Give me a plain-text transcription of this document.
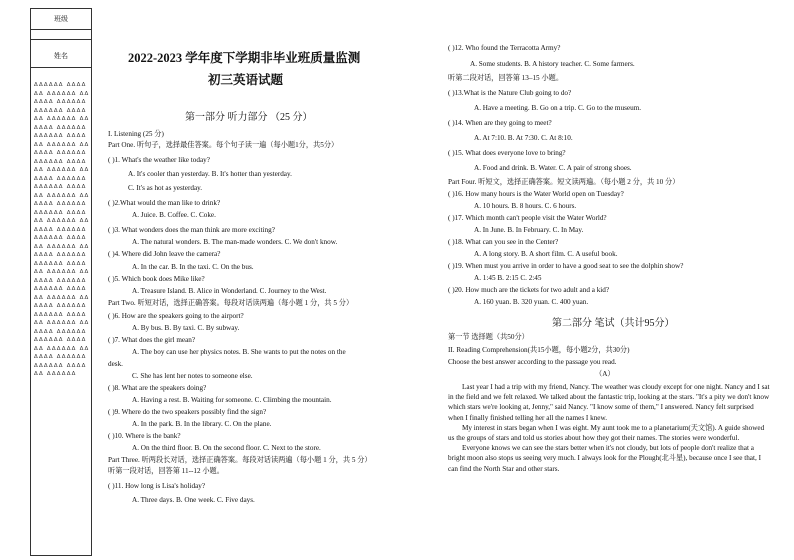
班级
姓名
ΔΔΔΔΔΔ ΔΔΔΔΔΔ ΔΔΔΔΔΔ ΔΔΔΔΔΔ ΔΔΔΔΔΔ ΔΔΔΔΔΔ ΔΔΔΔΔΔ ΔΔΔΔΔΔ ΔΔΔΔΔΔ ΔΔΔΔΔΔ ΔΔΔΔΔΔ ΔΔΔΔΔΔ ΔΔΔΔΔΔ ΔΔΔΔΔΔ ΔΔΔΔΔΔ ΔΔΔΔΔΔ ΔΔΔΔΔΔ ΔΔΔΔΔΔ ΔΔΔΔΔΔ ΔΔΔΔΔΔ ΔΔΔΔΔΔ ΔΔΔΔΔΔ ΔΔΔΔΔΔ ΔΔΔΔΔΔ ΔΔΔΔΔΔ ΔΔΔΔΔΔ ΔΔΔΔΔΔ ΔΔΔΔΔΔ ΔΔΔΔΔΔ ΔΔΔΔΔΔ ΔΔΔΔΔΔ ΔΔΔΔΔΔ ΔΔΔΔΔΔ ΔΔΔΔΔΔ ΔΔΔΔΔΔ ΔΔΔΔΔΔ ΔΔΔΔΔΔ ΔΔΔΔΔΔ ΔΔΔΔΔΔ ΔΔΔΔΔΔ ΔΔΔΔΔΔ ΔΔΔΔΔΔ ΔΔΔΔΔΔ ΔΔΔΔΔΔ ΔΔΔΔΔΔ ΔΔΔΔΔΔ ΔΔΔΔΔΔ ΔΔΔΔΔΔ ΔΔΔΔΔΔ ΔΔΔΔΔΔ ΔΔΔΔΔΔ ΔΔΔΔΔΔ ΔΔΔΔΔΔ ΔΔΔΔΔΔ ΔΔΔΔΔΔ ΔΔΔΔΔΔ ΔΔΔΔΔΔ ΔΔΔΔΔΔ
2022-2023 学年度下学期非毕业班质量监测
初三英语试题
第一部分 听力部分 （25 分）
I. Listening (25 分)
Part One. 听句子，选择最佳答案。每个句子读一遍（每小题1分，共5分）
( )1. What's the weather like today?
A. It's cooler than yesterday. B. It's hotter than yesterday.
C. It's as hot as yesterday.
( )2.What would the man like to drink?
A. Juice. B. Coffee. C. Coke.
( )3. What wonders does the man think are more exciting?
A. The natural wonders. B. The man-made wonders. C. We don't know.
( )4. Where did John leave the camera?
A. In the car. B. In the taxi. C. On the bus.
( )5. Which book does Mike like?
A. Treasure Island. B. Alice in Wonderland. C. Journey to the West.
Part Two. 听短对话，选择正确答案。每段对话读两遍（每小题 1 分，共 5 分）
( )6. How are the speakers going to the airport?
A. By bus. B. By taxi. C. By subway.
( )7. What does the girl mean?
A. The boy can use her physics notes. B. She wants to put the notes on the
desk.
C. She has lent her notes to someone else.
( )8. What are the speakers doing?
A. Having a rest. B. Waiting for someone. C. Climbing the mountain.
( )9. Where do the two speakers possibly find the sign?
A. In the park. B. In the library. C. On the plane.
( )10. Where is the bank?
A. On the third floor. B. On the second floor. C. Next to the store.
Part Three. 听两段长对话，选择正确答案。每段对话读两遍（每小题 1 分，共 5 分）
听第一段对话，回答第 11--12 小题。
( )11. How long is Lisa's holiday?
A. Three days. B. One week. C. Five days.
( )12. Who found the Terracotta Army?
A. Some students. B. A history teacher. C. Some farmers.
听第二段对话，回答第 13–15 小题。
( )13.What is the Nature Club going to do?
A. Have a meeting. B. Go on a trip. C. Go to the museum.
( )14. When are they going to meet?
A. At 7:10. B. At 7:30. C. At 8:10.
( )15. What does everyone love to bring?
A. Food and drink. B. Water. C. A pair of strong shoes.
Part Four. 听短文，选择正确答案。短文读两遍。（每小题 2 分，共 10 分）
( )16. How many hours is the Water World open on Tuesday?
A. 10 hours. B. 8 hours. C. 6 hours.
( )17. Which month can't people visit the Water World?
A. In June. B. In February. C. In May.
( )18. What can you see in the Center?
A. A long story. B. A short film. C. A useful book.
( )19. When must you arrive in order to have a good seat to see the dolphin show?
A. 1:45 B. 2:15 C. 2:45
( )20. How much are the tickets for two adult and a kid?
A. 160 yuan. B. 320 yuan. C. 400 yuan.
第二部分 笔试（共计95分）
第一节 选择题（共50分）
II. Reading Comprehension(共15小题，每小题2分，共30分)
Choose the best answer according to the passage you read.
（A）

Last year I had a trip with my friend, Nancy. The weather was cloudy except for one night. Nancy and I sat in the field and we felt relaxed. We talked about the fantastic trip, looking at the stars. "It's a pity we don't know which stars we're looking at, Jenny," said Nancy. "I know some of them," I answered. Nancy felt surprised when I finally finished telling her all the names I knew.

My interest in stars began when I was eight. My aunt took me to a planetarium(天文馆). A guide showed us the groups of stars and told us stories about how they got their names. The stories were wonderful.

Everyone knows we can see the stars better when it's not cloudy, but lots of people don't realize that a bright moon also stops us seeing very much. I always look for the Plough(北斗星), because once I see that, I can find the North Star and other stars.
